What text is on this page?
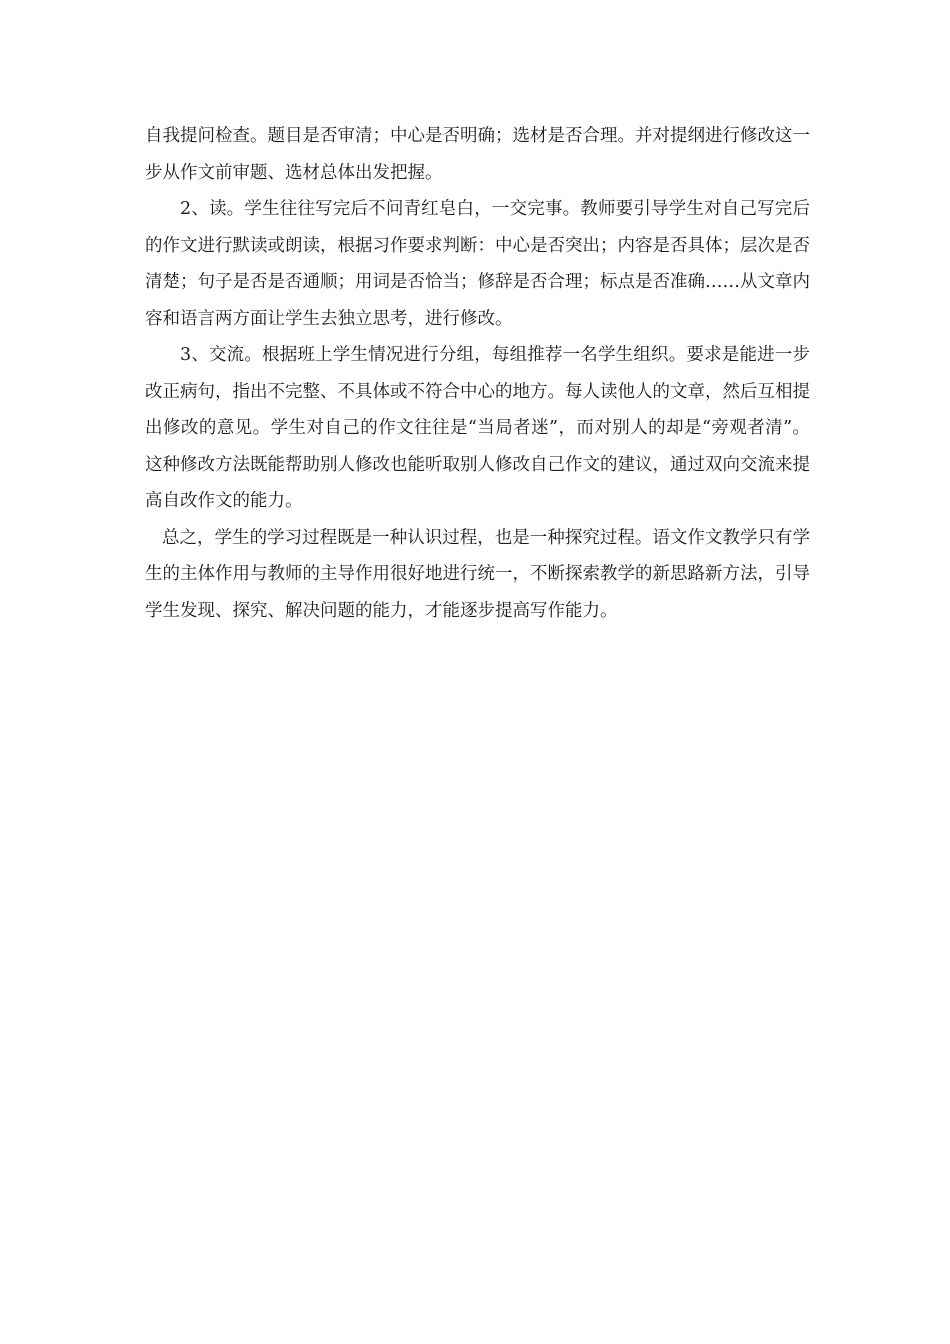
自我提问检查。题目是否审清；中心是否明确；选材是否合理。并对提纲进行修改这一步从作文前审题、选材总体出发把握。

2、读。学生往往写完后不问青红皂白，一交完事。教师要引导学生对自己写完后的作文进行默读或朗读，根据习作要求判断：中心是否突出；内容是否具体；层次是否清楚；句子是否是否通顺；用词是否恰当；修辞是否合理；标点是否准确……从文章内容和语言两方面让学生去独立思考，进行修改。

3、交流。根据班上学生情况进行分组，每组推荐一名学生组织。要求是能进一步改正病句，指出不完整、不具体或不符合中心的地方。每人读他人的文章，然后互相提出修改的意见。学生对自己的作文往往是“当局者迷”，而对别人的却是“旁观者清”。这种修改方法既能帮助别人修改也能听取别人修改自己作文的建议，通过双向交流来提高自改作文的能力。

总之，学生的学习过程既是一种认识过程，也是一种探究过程。语文作文教学只有学生的主体作用与教师的主导作用很好地进行统一，不断探索教学的新思路新方法，引导学生发现、探究、解决问题的能力，才能逐步提高写作能力。
